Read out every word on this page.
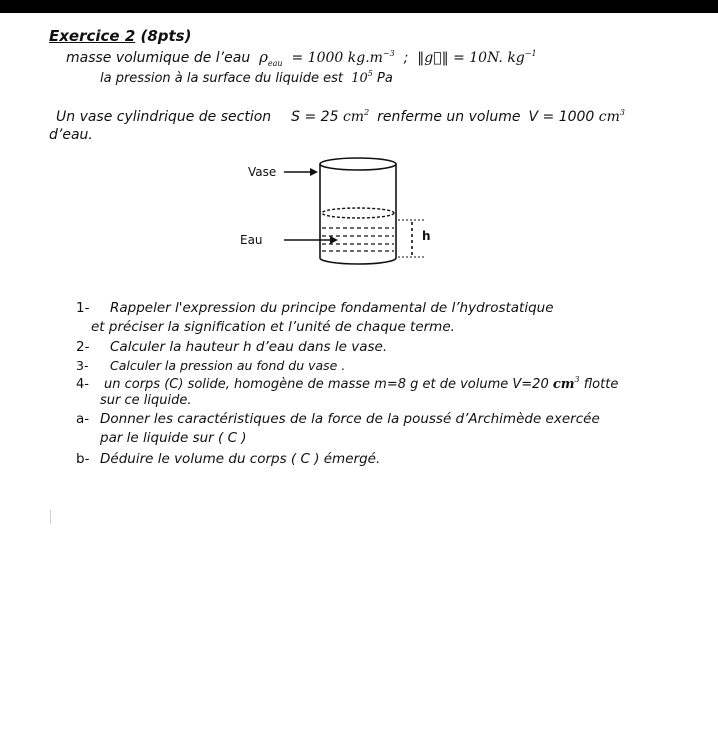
Exercice 2 (8pts)
masse volumique de l’eau $\rho_{eau} = 1000$ $kg.m^{-3}$ ; ‖g⃗‖ = 10N. $kg^{-1}$
la pression à la surface du liquide est $10^5$ Pa
Un vase cylindrique de section S = 25 $cm^2$ renferme un volume V = 1000 $cm^3$
d’eau.
Vase
Eau	h
1- Rappeler l'expression du principe fondamental de l’hydrostatique
et préciser la signification et l’unité de chaque terme.
2- Calculer la hauteur h d’eau dans le vase.
3- Calculer la pression au fond du vase .
4- un corps (C) solide, homogène de masse m=8 g et de volume V=20 $cm^3$ flotte
sur ce liquide.
a- Donner les caractéristiques de la force de la poussé d’Archimède exercée
par le liquide sur ( C )
b- Déduire le volume du corps ( C ) émergé.
